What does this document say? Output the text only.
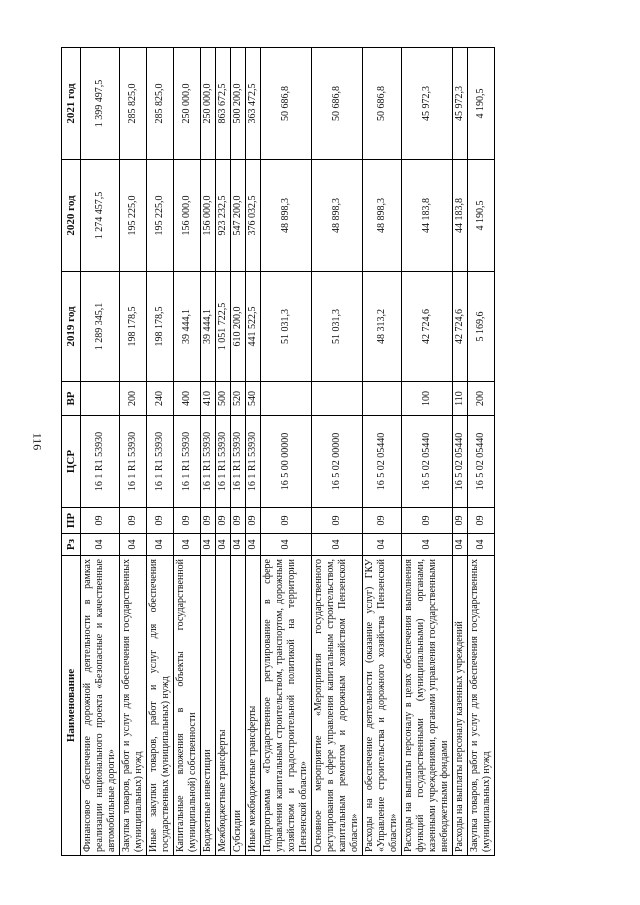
116
Наименование	Рз	ПР	ЦСР	ВР	2019 год	2020 год	2021 год
Финансовое обеспечение дорожной деятельности в рамках реализации национального проекта «Безопасные и качественные автомобильные дороги»	04	09	16 1 R1 53930		1 289 345,1	1 274 457,5	1 399 497,5
Закупка товаров, работ и услуг для обеспечения государственных (муниципальных) нужд	04	09	16 1 R1 53930	200	198 178,5	195 225,0	285 825,0
Иные закупки товаров, работ и услуг для обеспечения государственных (муниципальных) нужд	04	09	16 1 R1 53930	240	198 178,5	195 225,0	285 825,0
Капитальные вложения в объекты государственной (муниципальной) собственности	04	09	16 1 R1 53930	400	39 444,1	156 000,0	250 000,0
Бюджетные инвестиции	04	09	16 1 R1 53930	410	39 444,1	156 000,0	250 000,0
Межбюджетные трансферты	04	09	16 1 R1 53930	500	1 051 722,5	923 232,5	863 672,5
Субсидии	04	09	16 1 R1 53930	520	610 200,0	547 200,0	500 200,0
Иные межбюджетные трансферты	04	09	16 1 R1 53930	540	441 522,5	376 032,5	363 472,5
Подпрограмма «Государственное регулирование в сфере управления капитальным строительством, транспортом, дорожным хозяйством и градостроительной политикой на территории Пензенской области»	04	09	16 5 00 00000		51 031,3	48 898,3	50 686,8
Основное мероприятие «Мероприятия государственного регулирования в сфере управления капитальным строительством, капитальным ремонтом и дорожным хозяйством Пензенской области»	04	09	16 5 02 00000		51 031,3	48 898,3	50 686,8
Расходы на обеспечение деятельности (оказание услуг) ГКУ «Управление строительства и дорожного хозяйства Пензенской области»	04	09	16 5 02 05440		48 313,2	48 898,3	50 686,8
Расходы на выплаты персоналу в целях обеспечения выполнения функций государственными (муниципальными) органами, казенными учреждениями, органами управления государственными внебюджетными фондами	04	09	16 5 02 05440	100	42 724,6	44 183,8	45 972,3
Расходы на выплаты персоналу казенных учреждений	04	09	16 5 02 05440	110	42 724,6	44 183,8	45 972,3
Закупка товаров, работ и услуг для обеспечения государственных (муниципальных) нужд	04	09	16 5 02 05440	200	5 169,6	4 190,5	4 190,5
